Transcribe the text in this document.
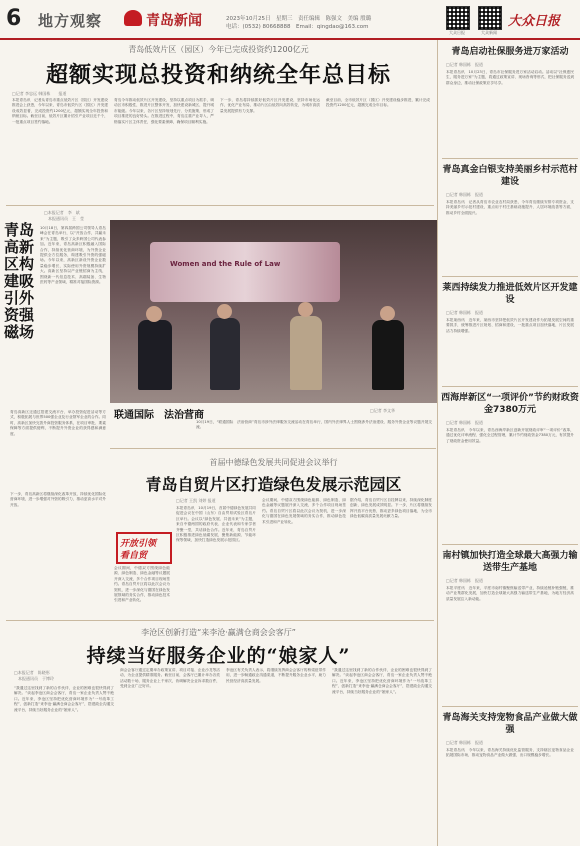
6 地方观察	青岛新闻	2023年10月25日　星期三　责任编辑　陈强文　美编 殷璐
电话：(0532) 80668888　Email：qingdao@163.com
大众日报	大众新闻
大众日报
青岛低效片区（园区）今年已完成投资约1200亿元
超额实现总投资和纳统全年总目标
□记者 李忠远 韩国栋　　报道
本报青岛讯　记者从青岛市重点低效片区（园区）开发建设推进会上获悉，今年以来，青岛市低效片区（园区）开发建设成效显著，完成投资约1200亿元，超额实现全年投资和纳统目标。截至目前，低效片区累计招引产业项目近千个，一批重点项目签约落地。
青岛今年推动低效片区开发建设，坚持以重点项目为抓手，调动区市积极性，推进片区整体开发，加快建设新城区，提升城市能级。今年以来，各片区坚持规划先行、分类施策，形成了项目推进的良好势头。在推进过程中，青岛注重产业导入，严格落实片区主体责任，强化要素保障，确保项目顺利实施。
下一步，青岛将持续抓好低效片区开发建设，坚持市场化运作，优化产业布局，推动片区由低效向高效转变，为城市高质量发展提供有力支撑。
截至目前，全市低效片区（园区）开发建设稳步推进，累计完成投资约1200亿元，超额完成全年目标。
□本报记者　李　斌
　本报通讯员　王　莹
青岛高新区构建吸引外资强磁场
10月18日，第四届跨国公司领导人青岛峰会在青岛举行，以“开放合作，共赢未来”为主题，吸引了众多跨国公司代表参加。近年来，青岛高新区积极融入国际合作，持续优化营商环境，为外资企业提供全方位服务，构建吸引外资的强磁场。今年以来，高新区新设外资企业数量稳步增长，实际使用外资规模持续扩大。高新区坚持以产业链招商为主线，围绕新一代信息技术、高端装备、生物医药等产业领域，精准对接国际资源。
青岛高新区还通过搭建交流平台、举办投资促进活动等方式，积极拓展与世界500强企业及行业领军企业的合作。同时，高新区加快完善外商投资服务体系，在项目审批、要素保障等方面提供便利，不断提升外资企业的获得感和满意度。
下一步，青岛高新区将继续深化改革开放，持续优化国际化营商环境，进一步增强对外资的吸引力，推动更高水平对外开放。
Women and the Rule of Law
联通国际　法治营商	□记者 李文华
10月19日，“联通国际　法治营商”青岛市涉外法律服务交流活动在青岛举行，国内外法律界人士围绕涉外法治建设、服务外资企业等议题开展交流。
首届中德绿色发展共同促进会议举行
青岛自贸片区打造绿色发展示范园区
开放引领
看自贸
□记者 王凯 刘婷 报道
本报青岛讯　10月19日，首届中德绿色发展共同促进会议在中国（山东）自由贸易试验区青岛片区举行。会议以“绿色发展、共创未来”为主题，来自中德两国的政府代表、企业代表和专家学者齐聚一堂，共话绿色合作。近年来，青岛自贸片区积极推进绿色低碳发展，聚焦新能源、节能环保等领域，加快打造绿色发展示范园区。
会议期间，中德双方围绕绿色能源、绿色制造、绿色金融等议题展开深入交流，多个合作项目现场签约。青岛自贸片区将以此次会议为契机，进一步深化与德国在绿色发展领域的务实合作，推动绿色技术引进和产业转化。
据介绍，青岛自贸片区自挂牌以来，持续深化制度创新，绿色发展成效明显。下一步，片区将继续发挥开放平台优势，推动更多绿色项目落地，为全市绿色低碳高质量发展贡献力量。
会议期间，中德双方围绕绿色能源、绿色制造、绿色金融等议题展开深入交流，多个合作项目现场签约。青岛自贸片区将以此次会议为契机，进一步深化与德国在绿色发展领域的务实合作，推动绿色技术引进和产业转化。
李沧区创新打造“来李沧·赢满仓商会会客厅”
持续当好服务企业的“娘家人”
□本报记者　陈晓彤
　本报通讯员　于博玲
“我通过这里找到了新的合作伙伴，企业的困难也很快得到了解决。”谈起李沧区商会会客厅，青岛一家企业负责人赞不绝口。近年来，李沧区坚持把优化营商环境作为“一号改革工程”，创新打造“来李沧·赢满仓商会会客厅”，搭建政企沟通交流平台，持续当好服务企业的“娘家人”。
商会会客厅通过定期举办政策宣讲、项目对接、企业沙龙等活动，为企业提供精准服务。截至目前，会客厅已累计举办各类活动数十场，服务企业上千家次，协调解决企业诉求数百件，受到企业广泛好评。
李沧区有关负责人表示，将继续发挥商会会客厅的桥梁纽带作用，进一步畅通政企沟通渠道，不断提升服务企业水平，助力民营经济高质量发展。
“我通过这里找到了新的合作伙伴，企业的困难也很快得到了解决。”谈起李沧区商会会客厅，青岛一家企业负责人赞不绝口。近年来，李沧区坚持把优化营商环境作为“一号改革工程”，创新打造“来李沧·赢满仓商会会客厅”，搭建政企沟通交流平台，持续当好服务企业的“娘家人”。
青岛启动社保服务进万家活动
□记者 韩国栋　报道
本报青岛讯　10月23日，青岛市社保服务进万家活动启动。活动以“社保惠民生，服务进万家”为主题，将通过政策宣讲、现场咨询等形式，把社保服务送到群众身边，推动社保政策应享尽享。
青岛真金白银支持美丽乡村示范村建设
□记者 韩国栋　报道
本报青岛讯　记者从青岛市农业农村局获悉，今年青岛继续安排专项资金，支持美丽乡村示范村建设，重点用于村庄基础设施提升、人居环境改善等方面，推动乡村全面振兴。
莱西持续发力推进低效片区开发建设
□记者 韩国栋　报道
本报莱西讯　近年来，莱西市坚持把低效片区开发建设作为拓展发展空间的重要抓手，统筹推进片区规划、招商和建设，一批重点项目加快落地，片区发展活力持续增强。
西海岸新区“一项评价”节约财政资金7380万元
□记者 韩国栋　报道
本报青岛讯　今年以来，青岛西海岸新区创新开展财政评审“一项评价”改革，通过优化评审流程、强化全过程管理，累计节约财政资金7380万元，有效提升了财政资金使用效益。
南村镇加快打造全球最大高强力输送带生产基地
□记者 韩国栋　报道
本报平度讯　近年来，平度市南村镇聚焦输送带产业，持续延链补链强链，推动产业集群化发展，加快打造全球最大高强力输送带生产基地，为地方经济高质量发展注入新动能。
青岛海关支持宠物食品产业做大做强
□记者 韩国栋　报道
本报青岛讯　今年以来，青岛海关持续优化监管服务，支持辖区宠物食品企业拓展国际市场，推动宠物食品产业做大做强，出口规模稳步增长。
